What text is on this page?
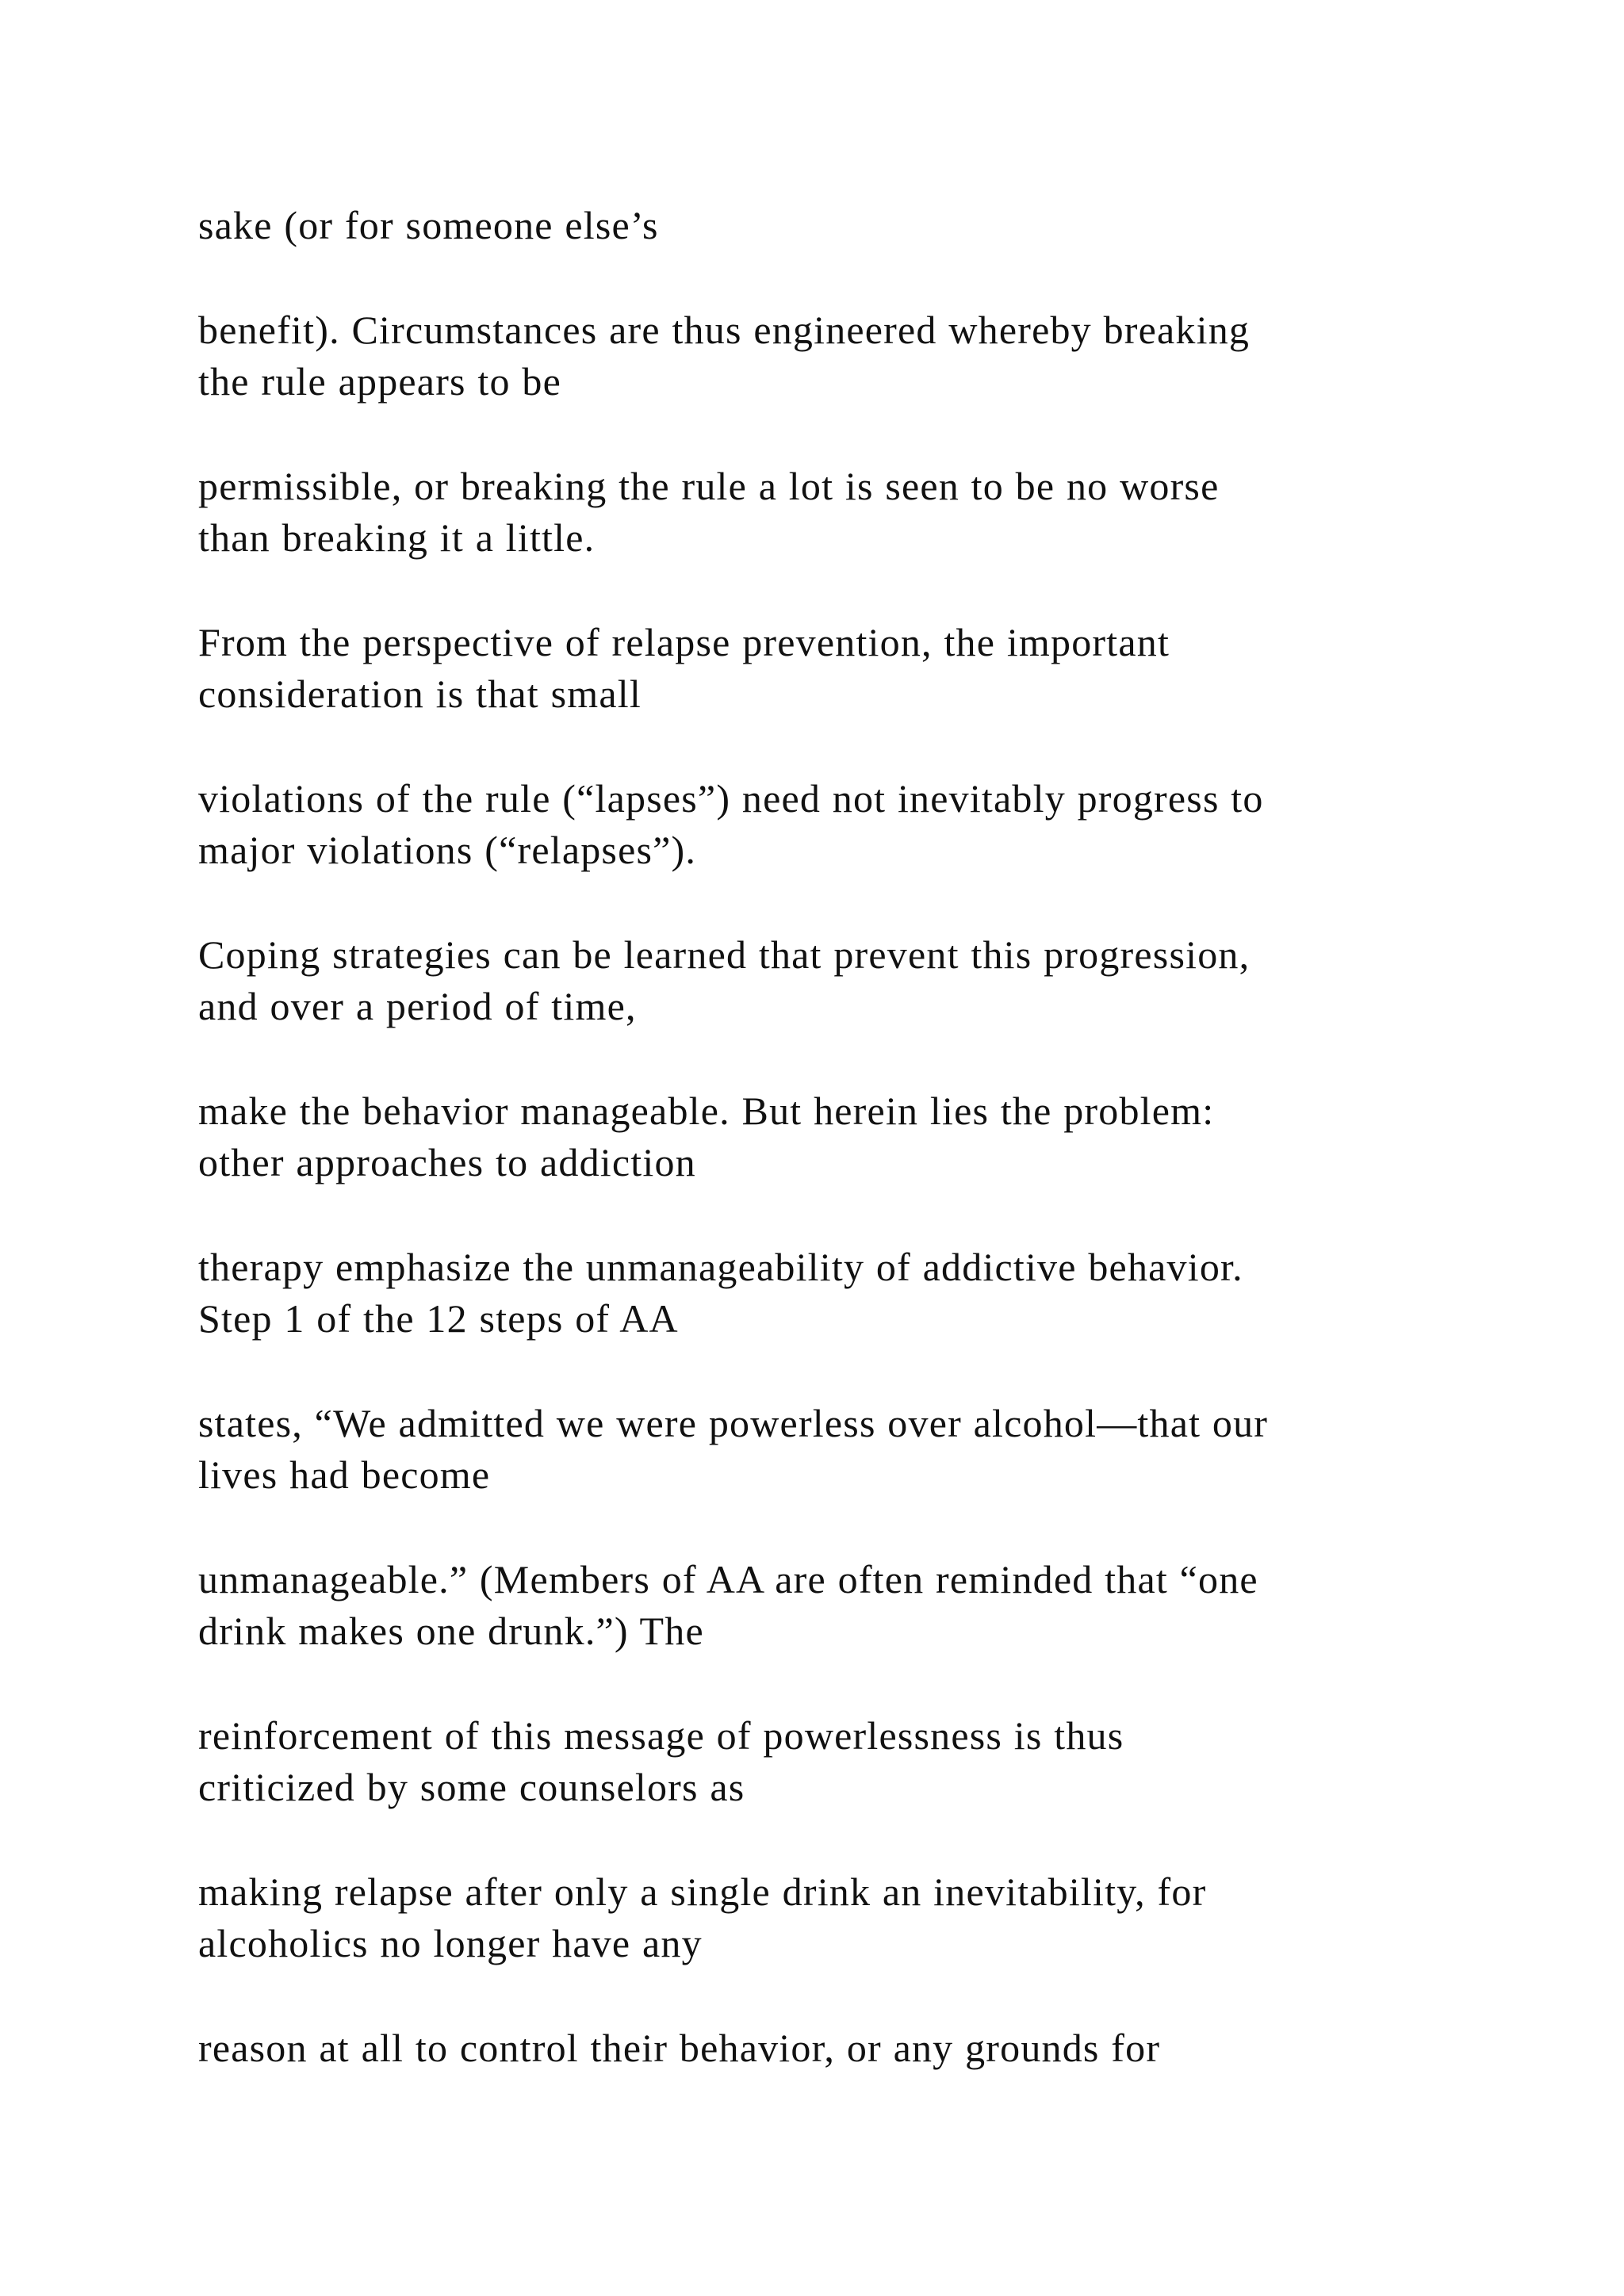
sake (or for someone else’s

benefit). Circumstances are thus engineered whereby breaking
the rule appears to be

permissible, or breaking the rule a lot is seen to be no worse
than breaking it a little.

From the perspective of relapse prevention, the important
consideration is that small

violations of the rule (“lapses”) need not inevitably progress to
major violations (“relapses”).

Coping strategies can be learned that prevent this progression,
and over a period of time,

make the behavior manageable. But herein lies the problem:
other approaches to addiction

therapy emphasize the unmanageability of addictive behavior.
Step 1 of the 12 steps of AA

states, “We admitted we were powerless over alcohol—that our
lives had become

unmanageable.” (Members of AA are often reminded that “one
drink makes one drunk.”) The

reinforcement of this message of powerlessness is thus
criticized by some counselors as

making relapse after only a single drink an inevitability, for
alcoholics no longer have any

reason at all to control their behavior, or any grounds for
